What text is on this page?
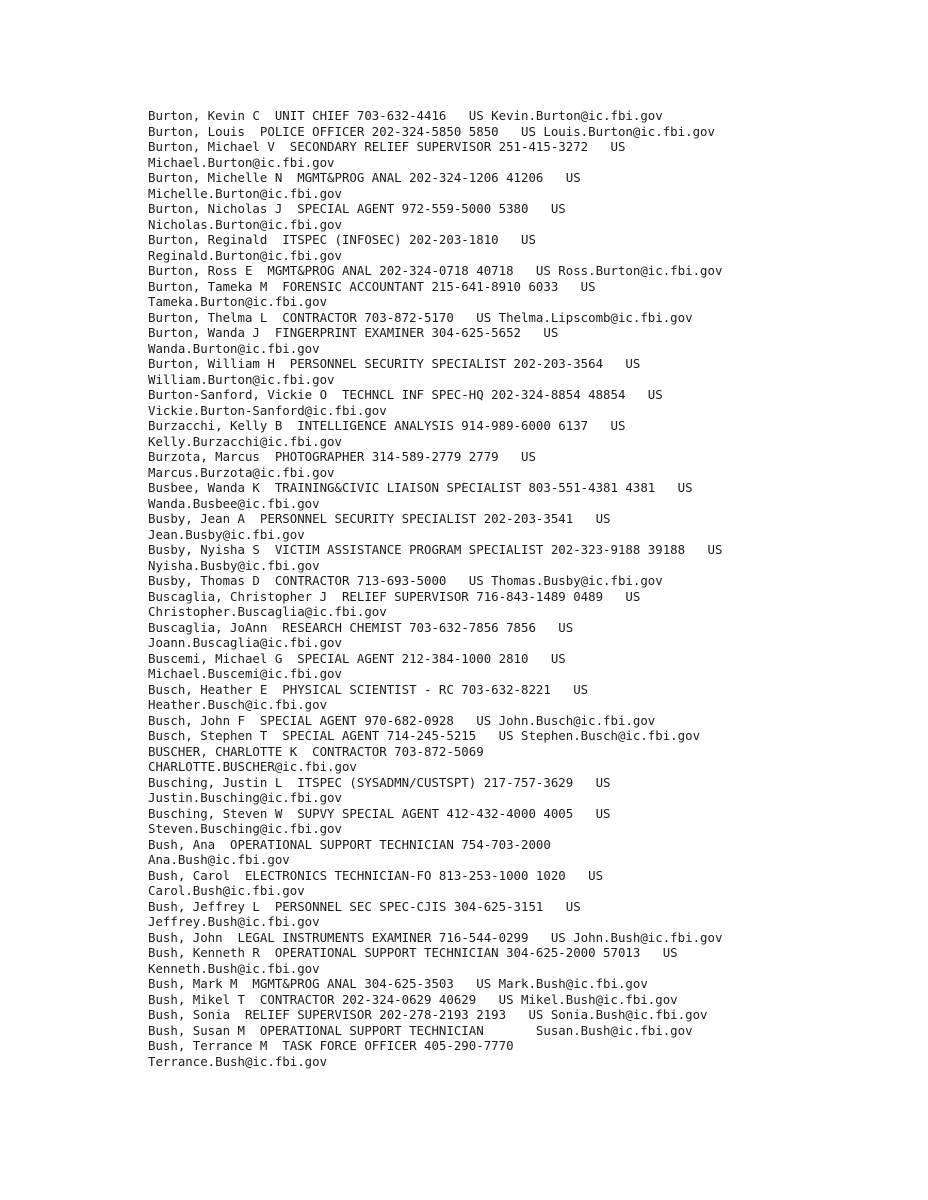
Burton, Kevin C  UNIT CHIEF 703-632-4416   US Kevin.Burton@ic.fbi.gov
Burton, Louis  POLICE OFFICER 202-324-5850 5850   US Louis.Burton@ic.fbi.gov
Burton, Michael V  SECONDARY RELIEF SUPERVISOR 251-415-3272   US
Michael.Burton@ic.fbi.gov
Burton, Michelle N  MGMT&PROG ANAL 202-324-1206 41206   US
Michelle.Burton@ic.fbi.gov
Burton, Nicholas J  SPECIAL AGENT 972-559-5000 5380   US
Nicholas.Burton@ic.fbi.gov
Burton, Reginald  ITSPEC (INFOSEC) 202-203-1810   US
Reginald.Burton@ic.fbi.gov
Burton, Ross E  MGMT&PROG ANAL 202-324-0718 40718   US Ross.Burton@ic.fbi.gov
Burton, Tameka M  FORENSIC ACCOUNTANT 215-641-8910 6033   US
Tameka.Burton@ic.fbi.gov
Burton, Thelma L  CONTRACTOR 703-872-5170   US Thelma.Lipscomb@ic.fbi.gov
Burton, Wanda J  FINGERPRINT EXAMINER 304-625-5652   US
Wanda.Burton@ic.fbi.gov
Burton, William H  PERSONNEL SECURITY SPECIALIST 202-203-3564   US
William.Burton@ic.fbi.gov
Burton-Sanford, Vickie O  TECHNCL INF SPEC-HQ 202-324-8854 48854   US
Vickie.Burton-Sanford@ic.fbi.gov
Burzacchi, Kelly B  INTELLIGENCE ANALYSIS 914-989-6000 6137   US
Kelly.Burzacchi@ic.fbi.gov
Burzota, Marcus  PHOTOGRAPHER 314-589-2779 2779   US
Marcus.Burzota@ic.fbi.gov
Busbee, Wanda K  TRAINING&CIVIC LIAISON SPECIALIST 803-551-4381 4381   US
Wanda.Busbee@ic.fbi.gov
Busby, Jean A  PERSONNEL SECURITY SPECIALIST 202-203-3541   US
Jean.Busby@ic.fbi.gov
Busby, Nyisha S  VICTIM ASSISTANCE PROGRAM SPECIALIST 202-323-9188 39188   US
Nyisha.Busby@ic.fbi.gov
Busby, Thomas D  CONTRACTOR 713-693-5000   US Thomas.Busby@ic.fbi.gov
Buscaglia, Christopher J  RELIEF SUPERVISOR 716-843-1489 0489   US
Christopher.Buscaglia@ic.fbi.gov
Buscaglia, JoAnn  RESEARCH CHEMIST 703-632-7856 7856   US
Joann.Buscaglia@ic.fbi.gov
Buscemi, Michael G  SPECIAL AGENT 212-384-1000 2810   US
Michael.Buscemi@ic.fbi.gov
Busch, Heather E  PHYSICAL SCIENTIST - RC 703-632-8221   US
Heather.Busch@ic.fbi.gov
Busch, John F  SPECIAL AGENT 970-682-0928   US John.Busch@ic.fbi.gov
Busch, Stephen T  SPECIAL AGENT 714-245-5215   US Stephen.Busch@ic.fbi.gov
BUSCHER, CHARLOTTE K  CONTRACTOR 703-872-5069
CHARLOTTE.BUSCHER@ic.fbi.gov
Busching, Justin L  ITSPEC (SYSADMN/CUSTSPT) 217-757-3629   US
Justin.Busching@ic.fbi.gov
Busching, Steven W  SUPVY SPECIAL AGENT 412-432-4000 4005   US
Steven.Busching@ic.fbi.gov
Bush, Ana  OPERATIONAL SUPPORT TECHNICIAN 754-703-2000
Ana.Bush@ic.fbi.gov
Bush, Carol  ELECTRONICS TECHNICIAN-FO 813-253-1000 1020   US
Carol.Bush@ic.fbi.gov
Bush, Jeffrey L  PERSONNEL SEC SPEC-CJIS 304-625-3151   US
Jeffrey.Bush@ic.fbi.gov
Bush, John  LEGAL INSTRUMENTS EXAMINER 716-544-0299   US John.Bush@ic.fbi.gov
Bush, Kenneth R  OPERATIONAL SUPPORT TECHNICIAN 304-625-2000 57013   US
Kenneth.Bush@ic.fbi.gov
Bush, Mark M  MGMT&PROG ANAL 304-625-3503   US Mark.Bush@ic.fbi.gov
Bush, Mikel T  CONTRACTOR 202-324-0629 40629   US Mikel.Bush@ic.fbi.gov
Bush, Sonia  RELIEF SUPERVISOR 202-278-2193 2193   US Sonia.Bush@ic.fbi.gov
Bush, Susan M  OPERATIONAL SUPPORT TECHNICIAN       Susan.Bush@ic.fbi.gov
Bush, Terrance M  TASK FORCE OFFICER 405-290-7770
Terrance.Bush@ic.fbi.gov
